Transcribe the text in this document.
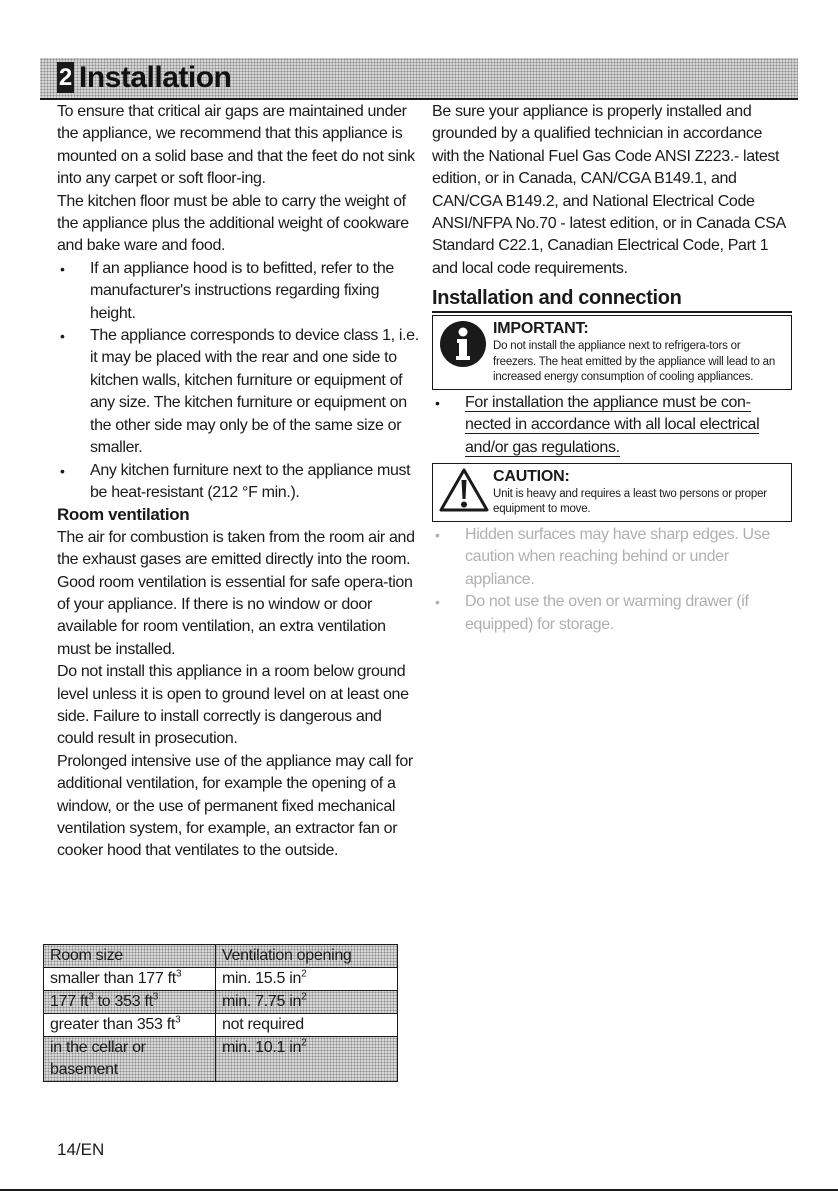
2 Installation

To ensure that critical air gaps are maintained under the appliance, we recommend that this appliance is mounted on a solid base and that the feet do not sink into any carpet or soft floor-ing.

The kitchen floor must be able to carry the weight of the appliance plus the additional weight of cookware and bake ware and food.

• If an appliance hood is to befitted, refer to the manufacturer's instructions regarding fixing height.
• The appliance corresponds to device class 1, i.e. it may be placed with the rear and one side to kitchen walls, kitchen furniture or equipment of any size. The kitchen furniture or equipment on the other side may only be of the same size or smaller.
• Any kitchen furniture next to the appliance must be heat-resistant (212 °F min.).

Room ventilation

The air for combustion is taken from the room air and the exhaust gases are emitted directly into the room.

Good room ventilation is essential for safe opera-tion of your appliance. If there is no window or door available for room ventilation, an extra ventilation must be installed.

Do not install this appliance in a room below ground level unless it is open to ground level on at least one side. Failure to install correctly is dangerous and could result in prosecution.

Prolonged intensive use of the appliance may call for additional ventilation, for example the opening of a window, or the use of permanent fixed mechanical ventilation system, for example, an extractor fan or cooker hood that ventilates to the outside.

Room size	Ventilation opening
smaller than 177 $ft^3$	min. 15.5 $in^2$
177 $ft^3$ to 353 $ft^3$	min. 7.75 $in^2$
greater than 353 $ft^3$	not required
in the cellar or basement	min. 10.1 $in^2$

Be sure your appliance is properly installed and grounded by a qualified technician in accordance with the National Fuel Gas Code ANSI Z223.- latest edition, or in Canada, CAN/CGA B149.1, and CAN/CGA B149.2, and National Electrical Code ANSI/NFPA No.70 - latest edition, or in Canada CSA Standard C22.1, Canadian Electrical Code, Part 1 and local code requirements.

Installation and connection
IMPORTANT:
Do not install the appliance next to refrigera-tors or freezers. The heat emitted by the appliance will lead to an increased energy consumption of cooling appliances.
• For installation the appliance must be con-nected in accordance with all local electrical and/or gas regulations.
CAUTION:
Unit is heavy and requires a least two persons or proper equipment to move.
• Hidden surfaces may have sharp edges. Use caution when reaching behind or under appliance.
• Do not use the oven or warming drawer (if equipped) for storage.
14/EN
